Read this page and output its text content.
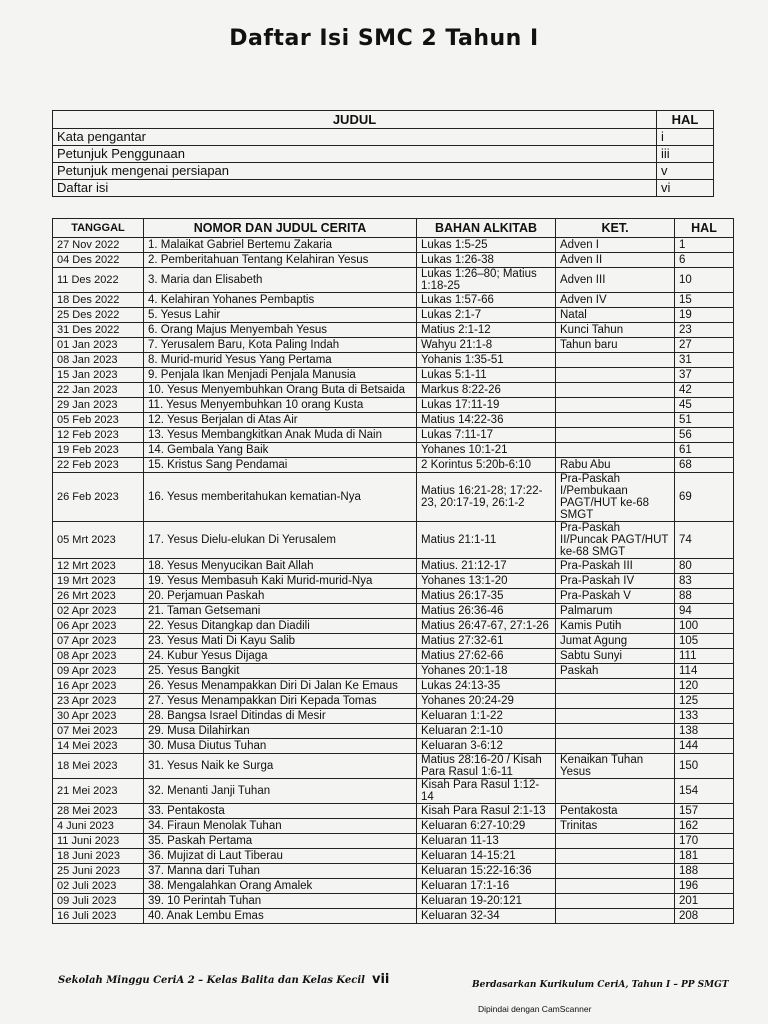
Daftar Isi SMC 2 Tahun I
JUDUL	HAL
Kata pengantar	i
Petunjuk Penggunaan	iii
Petunjuk mengenai persiapan	v
Daftar isi	vi
TANGGAL	NOMOR DAN JUDUL CERITA	BAHAN ALKITAB	KET.	HAL
27 Nov 2022	1. Malaikat Gabriel Bertemu Zakaria	Lukas 1:5-25	Adven I	1
04 Des 2022	2. Pemberitahuan Tentang Kelahiran Yesus	Lukas 1:26-38	Adven II	6
11 Des 2022	3. Maria dan Elisabeth	Lukas 1:26–80; Matius 1:18-25	Adven III	10
18 Des 2022	4. Kelahiran Yohanes Pembaptis	Lukas 1:57-66	Adven IV	15
25 Des 2022	5. Yesus Lahir	Lukas 2:1-7	Natal	19
31 Des 2022	6. Orang Majus Menyembah Yesus	Matius 2:1-12	Kunci Tahun	23
01 Jan 2023	7. Yerusalem Baru, Kota Paling Indah	Wahyu 21:1-8	Tahun baru	27
08 Jan 2023	8. Murid-murid Yesus Yang Pertama	Yohanis 1:35-51		31
15 Jan 2023	9. Penjala Ikan Menjadi Penjala Manusia	Lukas 5:1-11		37
22 Jan 2023	10. Yesus Menyembuhkan Orang Buta di Betsaida	Markus 8:22-26		42
29 Jan 2023	11. Yesus Menyembuhkan 10 orang Kusta	Lukas 17:11-19		45
05 Feb 2023	12. Yesus Berjalan di Atas Air	Matius 14:22-36		51
12 Feb 2023	13. Yesus Membangkitkan Anak Muda di Nain	Lukas 7:11-17		56
19 Feb 2023	14. Gembala Yang Baik	Yohanes 10:1-21		61
22 Feb 2023	15. Kristus Sang Pendamai	2 Korintus 5:20b-6:10	Rabu Abu	68
26 Feb 2023	16. Yesus memberitahukan kematian-Nya	Matius 16:21-28; 17:22-23, 20:17-19, 26:1-2	Pra-Paskah I/Pembukaan PAGT/HUT ke-68 SMGT	69
05 Mrt 2023	17. Yesus Dielu-elukan Di Yerusalem	Matius 21:1-11	Pra-Paskah II/Puncak PAGT/HUT ke-68 SMGT	74
12 Mrt 2023	18. Yesus Menyucikan Bait Allah	Matius. 21:12-17	Pra-Paskah III	80
19 Mrt 2023	19. Yesus Membasuh Kaki Murid-murid-Nya	Yohanes 13:1-20	Pra-Paskah IV	83
26 Mrt 2023	20. Perjamuan Paskah	Matius 26:17-35	Pra-Paskah V	88
02 Apr 2023	21. Taman Getsemani	Matius 26:36-46	Palmarum	94
06 Apr 2023	22. Yesus Ditangkap dan Diadili	Matius 26:47-67, 27:1-26	Kamis Putih	100
07 Apr 2023	23. Yesus Mati Di Kayu Salib	Matius 27:32-61	Jumat Agung	105
08 Apr 2023	24. Kubur Yesus Dijaga	Matius 27:62-66	Sabtu Sunyi	111
09 Apr 2023	25. Yesus Bangkit	Yohanes 20:1-18	Paskah	114
16 Apr 2023	26. Yesus Menampakkan Diri Di Jalan Ke Emaus	Lukas 24:13-35		120
23 Apr 2023	27. Yesus Menampakkan Diri Kepada Tomas	Yohanes 20:24-29		125
30 Apr 2023	28. Bangsa Israel Ditindas di Mesir	Keluaran 1:1-22		133
07 Mei 2023	29. Musa Dilahirkan	Keluaran 2:1-10		138
14 Mei 2023	30. Musa Diutus Tuhan	Keluaran 3-6:12		144
18 Mei 2023	31. Yesus Naik ke Surga	Matius 28:16-20 / Kisah Para Rasul 1:6-11	Kenaikan Tuhan Yesus	150
21 Mei 2023	32. Menanti Janji Tuhan	Kisah Para Rasul 1:12-14		154
28 Mei 2023	33. Pentakosta	Kisah Para Rasul 2:1-13	Pentakosta	157
4 Juni 2023	34. Firaun Menolak Tuhan	Keluaran 6:27-10:29	Trinitas	162
11 Juni 2023	35. Paskah Pertama	Keluaran 11-13		170
18 Juni 2023	36. Mujizat di Laut Tiberau	Keluaran 14-15:21		181
25 Juni 2023	37. Manna dari Tuhan	Keluaran 15:22-16:36		188
02 Juli 2023	38. Mengalahkan Orang Amalek	Keluaran 17:1-16		196
09 Juli 2023	39. 10 Perintah Tuhan	Keluaran 19-20:121		201
16 Juli 2023	40. Anak Lembu Emas	Keluaran 32-34		208
Sekolah Minggu CeriA 2 – Kelas Balita dan Kelas Kecil vii	Berdasarkan Kurikulum CeriA, Tahun I – PP SMGT
Dipindai dengan CamScanner
